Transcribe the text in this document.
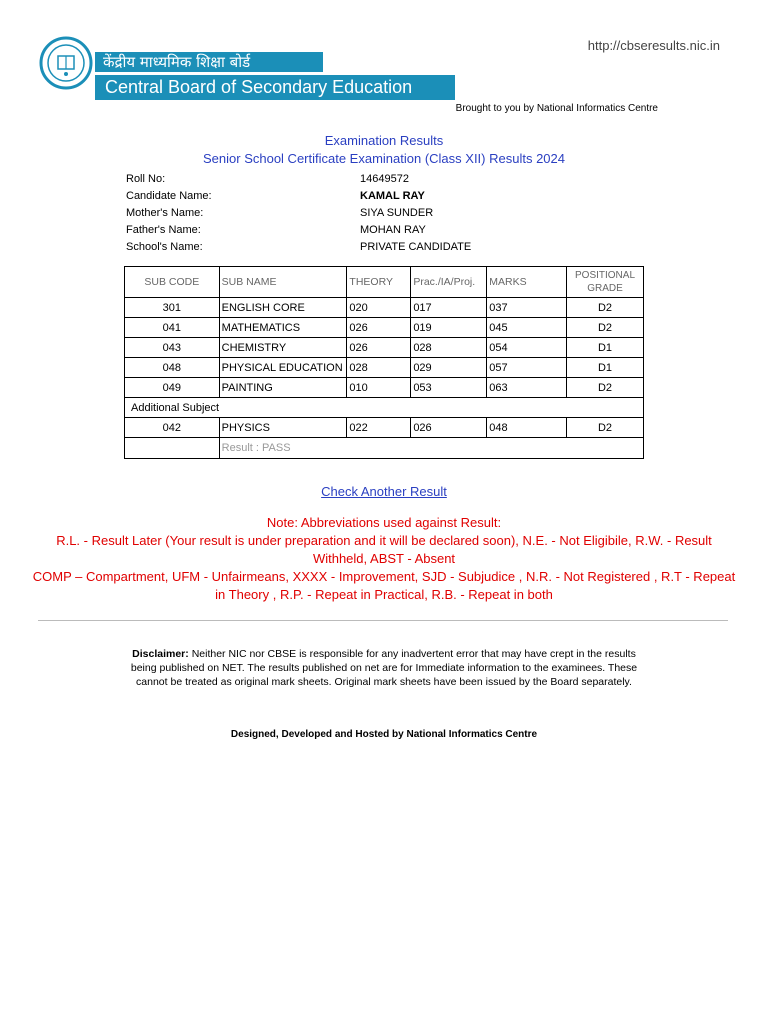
http://cbseresults.nic.in
केंद्रीय माध्यमिक शिक्षा बोर्ड
Central Board of Secondary Education
Brought to you by National Informatics Centre
Examination Results
Senior School Certificate Examination (Class XII) Results 2024
Roll No:	14649572
Candidate Name:	KAMAL RAY
Mother's Name:	SIYA SUNDER
Father's Name:	MOHAN RAY
School's Name:	PRIVATE CANDIDATE
SUB CODE	SUB NAME	THEORY	Prac./IA/Proj.	MARKS	POSITIONAL GRADE
301	ENGLISH CORE	020	017	037	D2
041	MATHEMATICS	026	019	045	D2
043	CHEMISTRY	026	028	054	D1
048	PHYSICAL EDUCATION	028	029	057	D1
049	PAINTING	010	053	063	D2
Additional Subject					
042	PHYSICS	022	026	048	D2
	Result : PASS				
Check Another Result

Note: Abbreviations used against Result:

R.L. - Result Later (Your result is under preparation and it will be declared soon), N.E. - Not Eligibile, R.W. - Result Withheld, ABST - Absent

COMP – Compartment, UFM - Unfairmeans, XXXX - Improvement, SJD - Subjudice , N.R. - Not Registered , R.T - Repeat in Theory , R.P. - Repeat in Practical, R.B. - Repeat in both

Disclaimer: Neither NIC nor CBSE is responsible for any inadvertent error that may have crept in the results being published on NET. The results published on net are for Immediate information to the examinees. These cannot be treated as original mark sheets. Original mark sheets have been issued by the Board separately.
Designed, Developed and Hosted by National Informatics Centre
